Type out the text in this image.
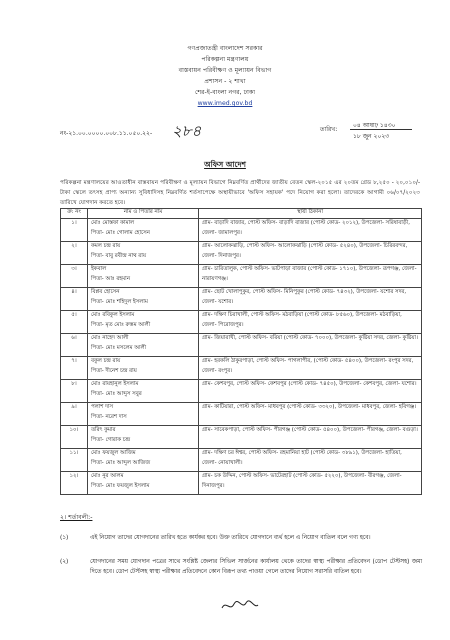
গণপ্রজাতন্ত্রী বাংলাদেশ সরকার
পরিকল্পনা মন্ত্রণালয়
বাস্তবায়ন পরিবীক্ষণ ও মূল্যায়ন বিভাগ
প্রশাসন - ২ শাখা
শের-ই-বাংলা নগর, ঢাকা
www.imed.gov.bd
নং-২১.০০.০০০০.০০৮.১১.০৫০.২২- ২৮৪	তারিখ:
০৪ আষাঢ় ১৪৩০
১৮ জুন ২০২৩
অফিস আদেশ
পরিকল্পনা মন্ত্রণালয়ের আওতাধীন বাস্তবায়ন পরিবীক্ষণ ও মূল্যায়ন বিভাগে নিম্নবর্ণিত প্রার্থীদের জাতীয় বেতন স্কেল-২০১৫ এর ২০তম গ্রেড ৮,২৫০ - ২০,০১০/- টাকা স্কেলে তৎসহ প্রাপ্য অন্যান্য সুবিধাদিসহ নিম্নবর্ণিত শর্তসাপেক্ষে অস্থায়ীভাবে 'অফিস সহায়ক' পদে নিয়োগ করা হলো। তাদেরকে আগামী ০৬/০৭/২০২৩ তারিখে যোগদান করতে হবে।
ক্র: নং	নাম ও পিতার নাম	স্থায়ী ঠিকানা
১।	মোঃ মোস্তফা কামাল
পিতা- মোঃ গোলাম হোসেন	গ্রাম- বাড়াদি বাজার, পোস্ট অফিস- বাড়াদি বাজার (পোস্ট কোড- ২০১২), উপজেলা- সরিষাবাড়ী, জেলা- জামালপুর।
২।	কমল চন্দ্র রায়
পিতা- বাবু রবীন্দ্র নাথ রায়	গ্রাম- আলোকঝাড়ি, পোস্ট অফিস- আলোকঝাড়ি (পোস্ট কোড- ৫২৪০), উপজেলা- চিরিরবন্দর, জেলা- দিনাজপুর।
৩।	ইকবাল
পিতা- আঃ রহমান	গ্রাম- চারিতালুক, পোস্ট অফিস- ভাটপাড়া বাজার (পোস্ট কোড- ১৭১০), উপজেলা- রূপগঞ্জ, জেলা- নারায়ণগঞ্জ।
৪।	বিপ্লব হোসেন
পিতা- মোঃ শহিদুল ইসলাম	গ্রাম- ছোট খোলাপুকুর, পোস্ট অফিস- মিনিপুকুর (পোস্ট কোড- ৭৪৩২), উপজেলা- যশোর সদর, জেলা- যশোর।
৫।	মোঃ রবিকুল ইসলাম
পিতা- মৃত মোঃ রুস্তম আলী	গ্রাম- দক্ষিণ চিরাখালী, পোস্ট অফিস- মঠবাড়িয়া (পোস্ট কোড- ৮৫৬০), উপজেলা- মঠবাড়িয়া, জেলা- পিরোজপুর।
৬।	মোঃ নাহেদ আলী
পিতা- মোঃ মসলেম আলী	গ্রাম- জিয়ারাখী, পোস্ট অফিস- বরিয়া (পোস্ট কোড- ৭০০০), উপজেলা- কুষ্টিয়া সদর, জেলা- কুষ্টিয়া।
৭।	বকুল চন্দ্র রায়
পিতা- দীনেশ চন্দ্র রায়	গ্রাম- হরকলি ঠাকুরপাড়া, পোস্ট অফিস- পাগলাপীর, (পোস্ট কোড- ৫৪০০), উপজেলা- রংপুর সদর, জেলা- রংপুর।
৮।	মোঃ রায়হানুল ইসলাম
পিতা- মোঃ আব্দুস সবুর	গ্রাম- কেশবপুর, পোস্ট অফিস- কেশবপুর (পোস্ট কোড- ৭৪৫০), উপজেলা- কেশবপুর, জেলা- যশোর।
৯।	পলাশ দাস
পিতা- নরেশ দাস	গ্রাম- কাটিয়ারা, পোস্ট অফিস- মাধবপুর (পোস্ট কোড- ৩৩২০), উপজেলা- মাধবপুর, জেলা- হবিগঞ্জ।
১০।	তরিৎ কুমার
পিতা- গোরাক চন্দ্র	গ্রাম- সাবেকপাড়া, পোস্ট অফিস- পীরগঞ্জ (পোস্ট কোড- ৫৪০০), উপজেলা- পীরগঞ্জ, জেলা- বগুড়া।
১১।	মোঃ ফয়জুল আজিম
পিতা- মোঃ আব্দুল আজিজ	গ্রাম- দক্ষিণ চর ঈশ্বর, পোস্ট অফিস- রহমানিয়া হাট (পোস্ট কোড- ৩৮৯১), উপজেলা- হাতিয়া, জেলা- নোয়াখালী।
১২।	মোঃ নুর আলম
পিতা- মোঃ ফয়জুল ইসলাম	গ্রাম- চক উদ্দিন, পোস্ট অফিস- ভাটেরহাট (পোস্ট কোড- ৫২২০), উপজেলা- বীরগঞ্জ, জেলা- দিনাজপুর।
২। শর্তাবলী:-
(১)	এই নিয়োগ তাদের যোগদানের তারিখ হতে কার্যকর হবে। উক্ত তারিখে যোগদানে ব্যর্থ হলে এ নিয়োগ বাতিল বলে গণ্য হবে।
(২)	যোগদানের সময় যোগদান পত্রের সাথে সংশ্লিষ্ট জেলার সিভিল সার্জনের কার্যালয় থেকে তাদের স্বাস্থ্য পরীক্ষার প্রতিবেদন (ডোপ টেস্টসহ) জমা দিতে হবে। ডোপ টেস্টসহ স্বাস্থ্য পরীক্ষার প্রতিবেদনে কোন বিরূপ তথ্য পাওয়া গেলে তাদের নিয়োগ সরাসরি বাতিল হবে।
